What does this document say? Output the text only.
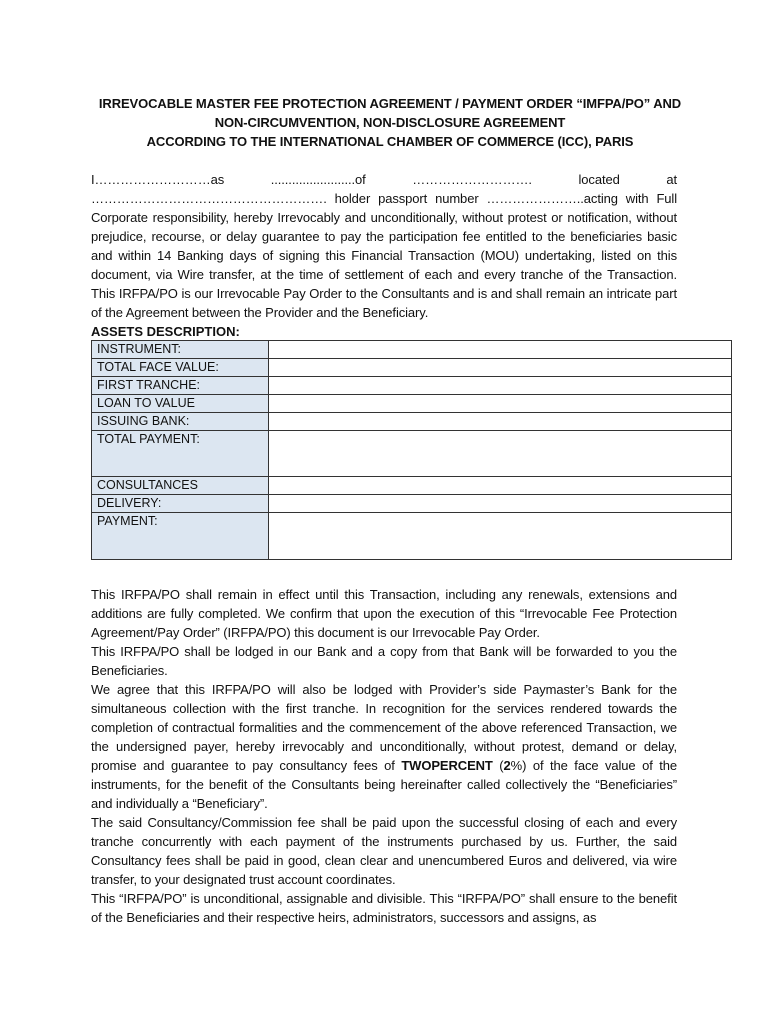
IRREVOCABLE MASTER FEE PROTECTION AGREEMENT / PAYMENT ORDER “IMFPA/PO” AND
NON-CIRCUMVENTION, NON-DISCLOSURE AGREEMENT
ACCORDING TO THE INTERNATIONAL CHAMBER OF COMMERCE (ICC), PARIS
I………………………as	........................of	……………………….	located	at
………………………………………………. holder passport number …………………..acting with Full Corporate responsibility, hereby Irrevocably and unconditionally, without protest or notification, without prejudice, recourse, or delay guarantee to pay the participation fee entitled to the beneficiaries basic and within 14 Banking days of signing this Financial Transaction (MOU) undertaking, listed on this document, via Wire transfer, at the time of settlement of each and every tranche of the Transaction. This IRFPA/PO is our Irrevocable Pay Order to the Consultants and is and shall remain an intricate part of the Agreement between the Provider and the Beneficiary.
ASSETS DESCRIPTION:
INSTRUMENT:	
TOTAL FACE VALUE:	
FIRST TRANCHE:	
LOAN TO VALUE	
ISSUING BANK:	
TOTAL PAYMENT:	
CONSULTANCES	
DELIVERY:	
PAYMENT:	

This IRFPA/PO shall remain in effect until this Transaction, including any renewals, extensions and additions are fully completed. We confirm that upon the execution of this “Irrevocable Fee Protection Agreement/Pay Order” (IRFPA/PO) this document is our Irrevocable Pay Order.

This IRFPA/PO shall be lodged in our Bank and a copy from that Bank will be forwarded to you the Beneficiaries.

We agree that this IRFPA/PO will also be lodged with Provider’s side Paymaster’s Bank for the simultaneous collection with the first tranche. In recognition for the services rendered towards the completion of contractual formalities and the commencement of the above referenced Transaction, we the undersigned payer, hereby irrevocably and unconditionally, without protest, demand or delay, promise and guarantee to pay consultancy fees of TWOPERCENT (2%) of the face value of the instruments, for the benefit of the Consultants being hereinafter called collectively the “Beneficiaries” and individually a “Beneficiary”.

The said Consultancy/Commission fee shall be paid upon the successful closing of each and every tranche concurrently with each payment of the instruments purchased by us. Further, the said Consultancy fees shall be paid in good, clean clear and unencumbered Euros and delivered, via wire transfer, to your designated trust account coordinates.

This “IRFPA/PO” is unconditional, assignable and divisible. This “IRFPA/PO” shall ensure to the benefit of the Beneficiaries and their respective heirs, administrators, successors and assigns, as
